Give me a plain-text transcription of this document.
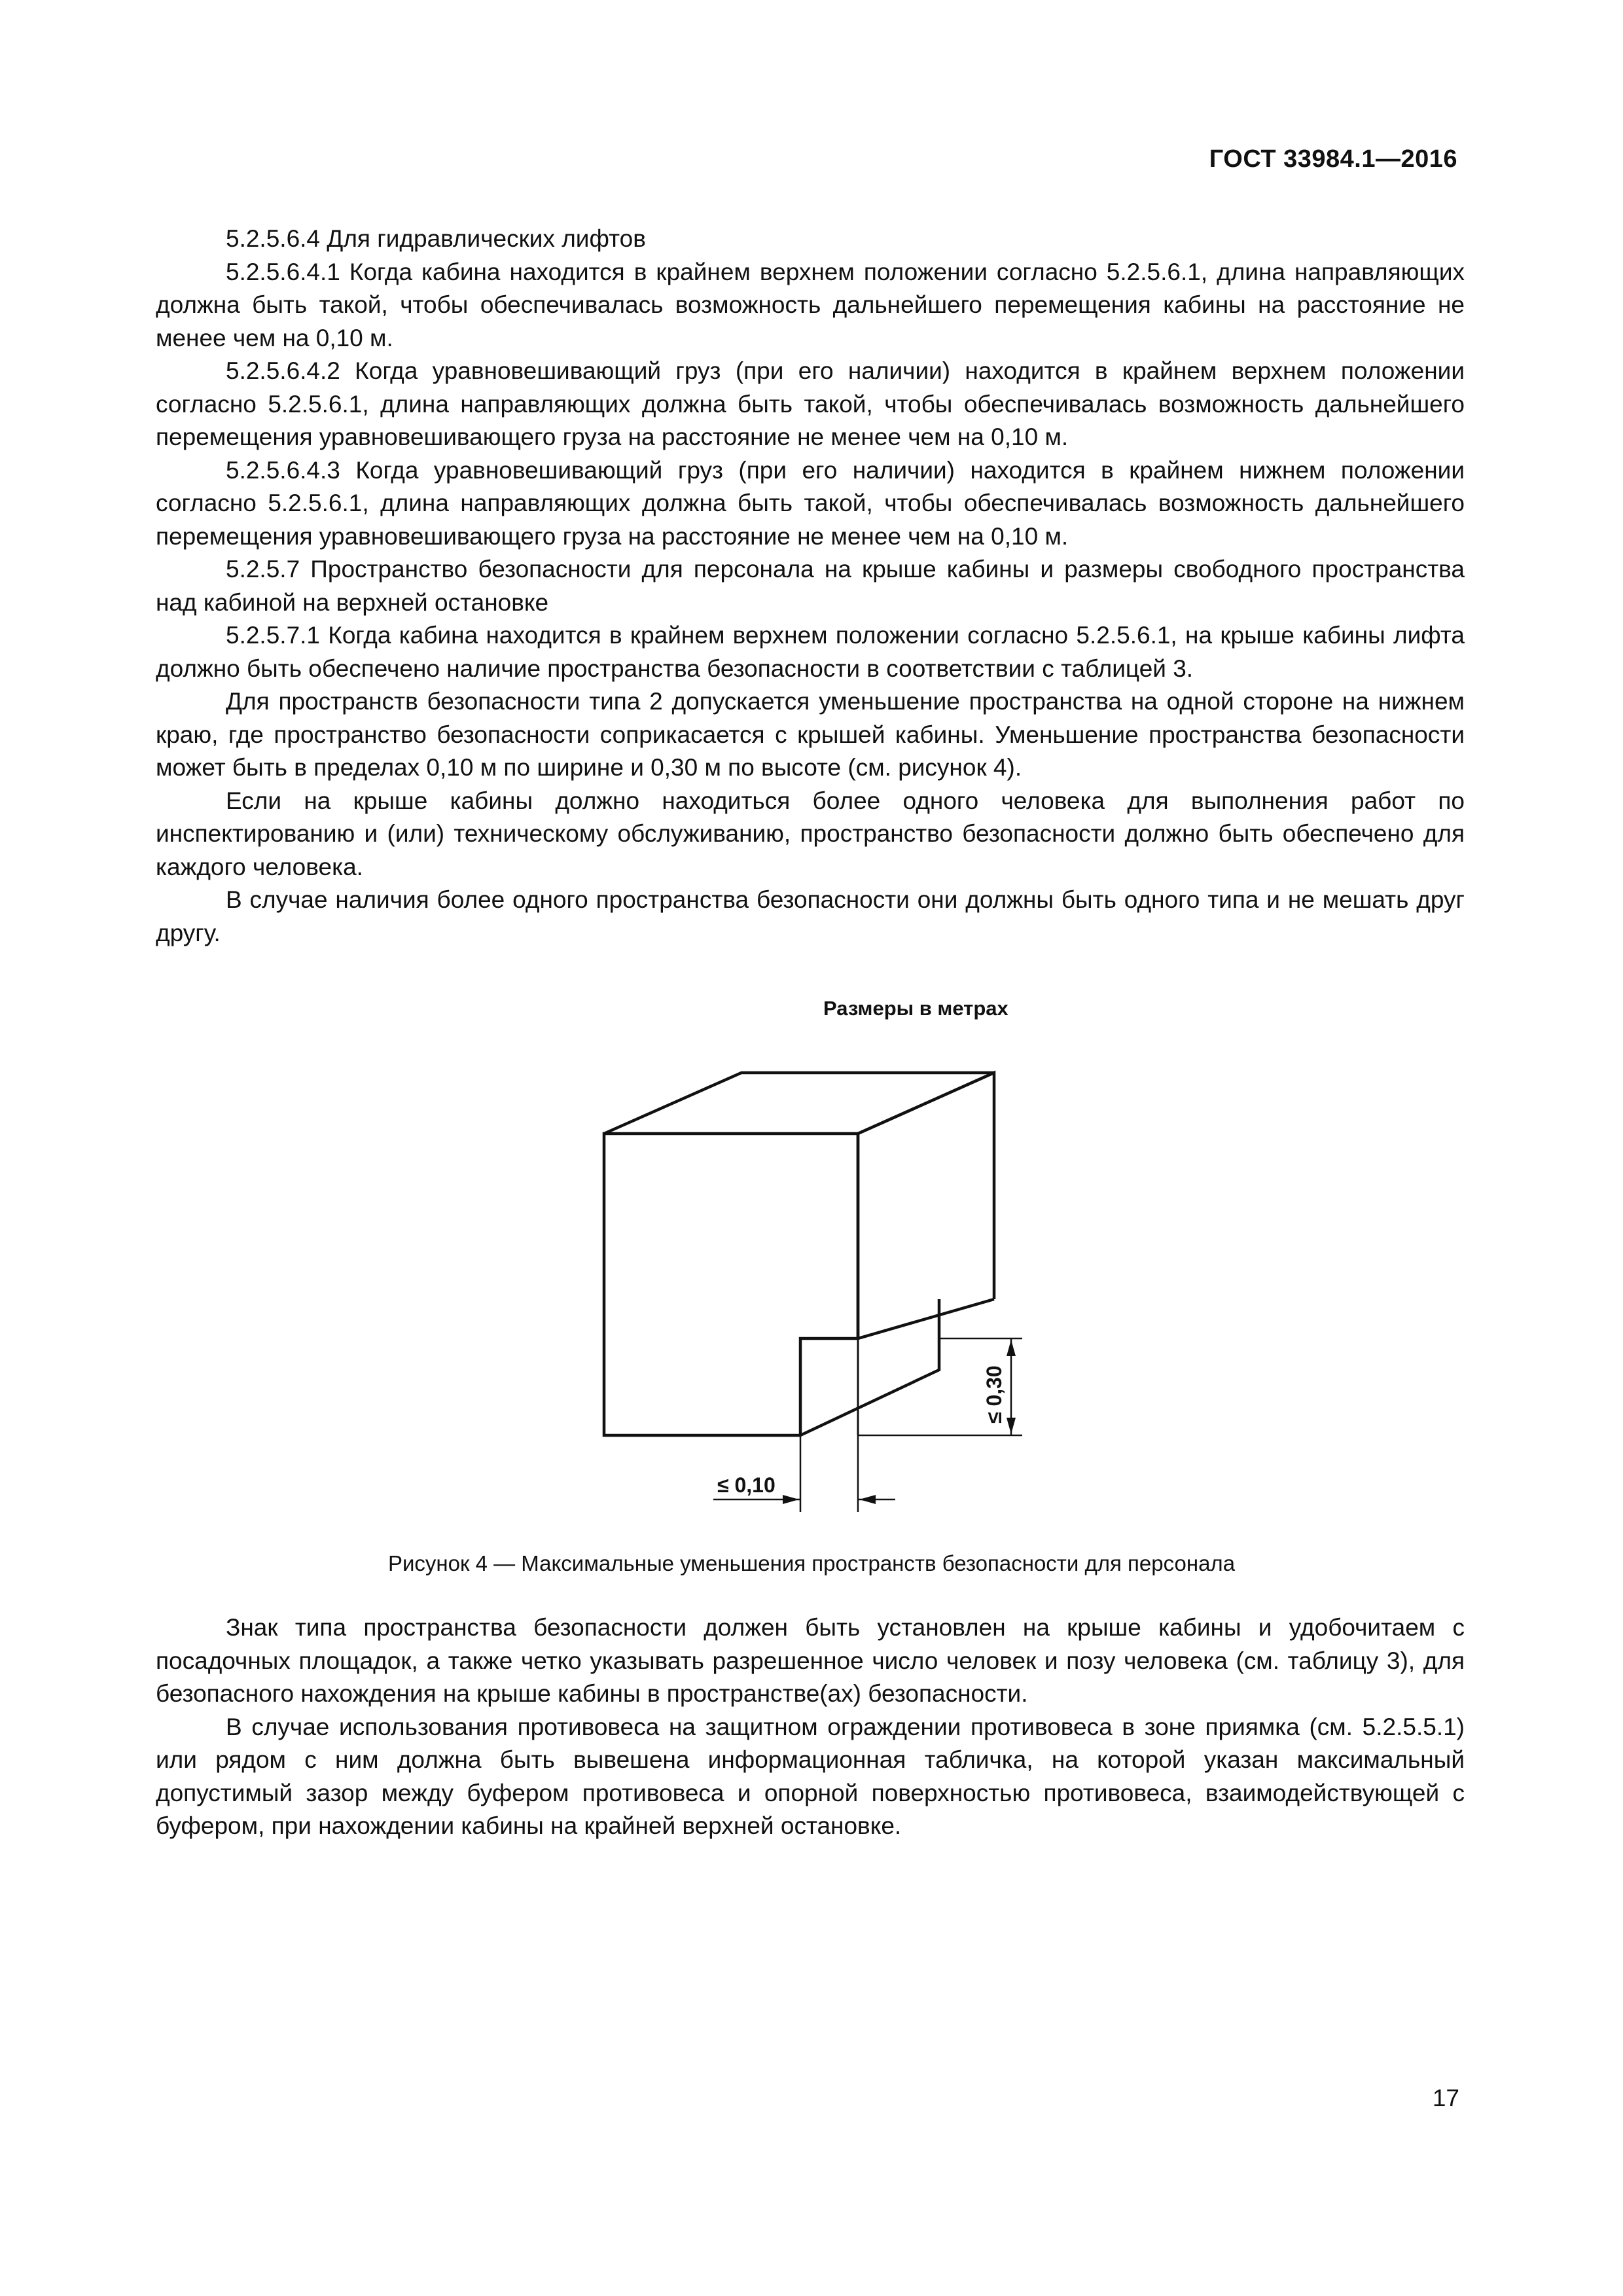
ГОСТ 33984.1—2016

5.2.5.6.4 Для гидравлических лифтов

5.2.5.6.4.1 Когда кабина находится в крайнем верхнем положении согласно 5.2.5.6.1, длина направляющих должна быть такой, чтобы обеспечивалась возможность дальнейшего перемещения кабины на расстояние не менее чем на 0,10 м.

5.2.5.6.4.2 Когда уравновешивающий груз (при его наличии) находится в крайнем верхнем положении согласно 5.2.5.6.1, длина направляющих должна быть такой, чтобы обеспечивалась возможность дальнейшего перемещения уравновешивающего груза на расстояние не менее чем на 0,10 м.

5.2.5.6.4.3 Когда уравновешивающий груз (при его наличии) находится в крайнем нижнем положении согласно 5.2.5.6.1, длина направляющих должна быть такой, чтобы обеспечивалась возможность дальнейшего перемещения уравновешивающего груза на расстояние не менее чем на 0,10 м.

5.2.5.7 Пространство безопасности для персонала на крыше кабины и размеры свободного пространства над кабиной на верхней остановке

5.2.5.7.1 Когда кабина находится в крайнем верхнем положении согласно 5.2.5.6.1, на крыше кабины лифта должно быть обеспечено наличие пространства безопасности в соответствии с таблицей 3.

Для пространств безопасности типа 2 допускается уменьшение пространства на одной стороне на нижнем краю, где пространство безопасности соприкасается с крышей кабины. Уменьшение пространства безопасности может быть в пределах 0,10 м по ширине и 0,30 м по высоте (см. рисунок 4).

Если на крыше кабины должно находиться более одного человека для выполнения работ по инспектированию и (или) техническому обслуживанию, пространство безопасности должно быть обеспечено для каждого человека.

В случае наличия более одного пространства безопасности они должны быть одного типа и не мешать друг другу.

Размеры в метрах
≤ 0,30
≤ 0,10
Рисунок 4 — Максимальные уменьшения пространств безопасности для персонала

Знак типа пространства безопасности должен быть установлен на крыше кабины и удобочитаем с посадочных площадок, а также четко указывать разрешенное число человек и позу человека (см. таблицу 3), для безопасного нахождения на крыше кабины в пространстве(ах) безопасности.

В случае использования противовеса на защитном ограждении противовеса в зоне приямка (см. 5.2.5.5.1) или рядом с ним должна быть вывешена информационная табличка, на которой указан максимальный допустимый зазор между буфером противовеса и опорной поверхностью противовеса, взаимодействующей с буфером, при нахождении кабины на крайней верхней остановке.

17
